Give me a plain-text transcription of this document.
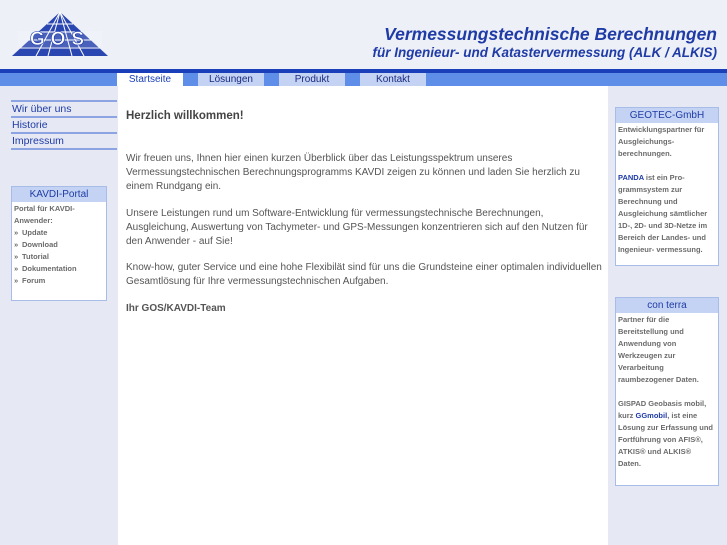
GOS	Vermessungstechnische Berechnungen
für Ingenieur- und Katastervermessung (ALK / ALKIS)
Startseite	Lösungen	Produkt	Kontakt
Wir über uns
Historie
Impressum
KAVDI-Portal
Portal für KAVDI-Anwender:
» Update
» Download
» Tutorial
» Dokumentation
» Forum
Herzlich willkommen!

Wir freuen uns, Ihnen hier einen kurzen Überblick über das Leistungsspektrum unseres Vermessungstechnischen Berechnungsprogramms KAVDI zeigen zu können und laden Sie herzlich zu einem Rundgang ein.

Unsere Leistungen rund um Software-Entwicklung für vermessungstechnische Berechnungen, Ausgleichung, Auswertung von Tachymeter- und GPS-Messungen konzentrieren sich auf den Nutzen für den Anwender - auf Sie!

Know-how, guter Service und eine hohe Flexibilät sind für uns die Grundsteine einer optimalen individuellen Gesamtlösung für Ihre vermessungstechnischen Aufgaben.

Ihr GOS/KAVDI-Team
GEOTEC-GmbH
Entwicklungspartner für Ausgleichungs-berechnungen.
PANDA ist ein Pro-grammsystem zur Berechnung und Ausgleichung sämtlicher 1D-, 2D- und 3D-Netze im Bereich der Landes- und Ingenieur- vermessung.
con terra
Partner für die Bereitstellung und Anwendung von Werkzeugen zur Verarbeitung raumbezogener Daten.
GISPAD Geobasis mobil, kurz GGmobil, ist eine Lösung zur Erfassung und Fortführung von AFIS®, ATKIS® und ALKIS® Daten.
